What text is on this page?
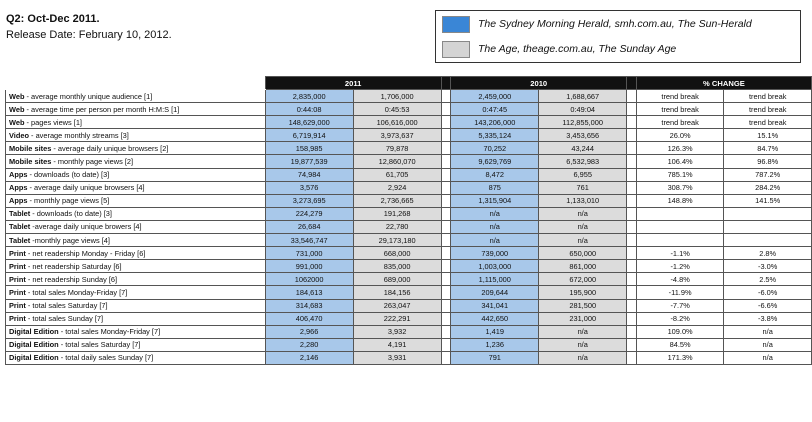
Q2: Oct-Dec 2011.
Release Date: February 10, 2012.
The Sydney Morning Herald, smh.com.au, The Sun-Herald
The Age, theage.com.au, The Sunday Age
	2011			2010			% CHANGE	
Web - average monthly unique audience [1]	2,835,000	1,706,000		2,459,000	1,688,667		trend break	trend break
Web - average time per person per month H:M:S [1]	0:44:08	0:45:53		0:47:45	0:49:04		trend break	trend break
Web - pages views [1]	148,629,000	106,616,000		143,206,000	112,855,000		trend break	trend break
Video - average monthly streams [3]	6,719,914	3,973,637		5,335,124	3,453,656		26.0%	15.1%
Mobile sites - average daily unique browsers [2]	158,985	79,878		70,252	43,244		126.3%	84.7%
Mobile sites - monthly page views [2]	19,877,539	12,860,070		9,629,769	6,532,983		106.4%	96.8%
Apps - downloads (to date) [3]	74,984	61,705		8,472	6,955		785.1%	787.2%
Apps - average daily unique browsers [4]	3,576	2,924		875	761		308.7%	284.2%
Apps - monthly page views [5]	3,273,695	2,736,665		1,315,904	1,133,010		148.8%	141.5%
Tablet - downloads (to date) [3]	224,279	191,268		n/a	n/a			
Tablet -average daily unique browers [4]	26,684	22,780		n/a	n/a			
Tablet -monthly page views [4]	33,546,747	29,173,180		n/a	n/a			
Print - net readership Monday - Friday [6]	731,000	668,000		739,000	650,000		-1.1%	2.8%
Print - net readership Saturday [6]	991,000	835,000		1,003,000	861,000		-1.2%	-3.0%
Print - net readership Sunday [6]	1062000	689,000		1,115,000	672,000		-4.8%	2.5%
Print - total sales Monday-Friday [7]	184,613	184,156		209,644	195,900		-11.9%	-6.0%
Print - total sales Saturday [7]	314,683	263,047		341,041	281,500		-7.7%	-6.6%
Print - total sales Sunday [7]	406,470	222,291		442,650	231,000		-8.2%	-3.8%
Digital Edition - total sales Monday-Friday [7]	2,966	3,932		1,419	n/a		109.0%	n/a
Digital Edition - total sales Saturday [7]	2,280	4,191		1,236	n/a		84.5%	n/a
Digital Edition - total daily sales Sunday [7]	2,146	3,931		791	n/a		171.3%	n/a
